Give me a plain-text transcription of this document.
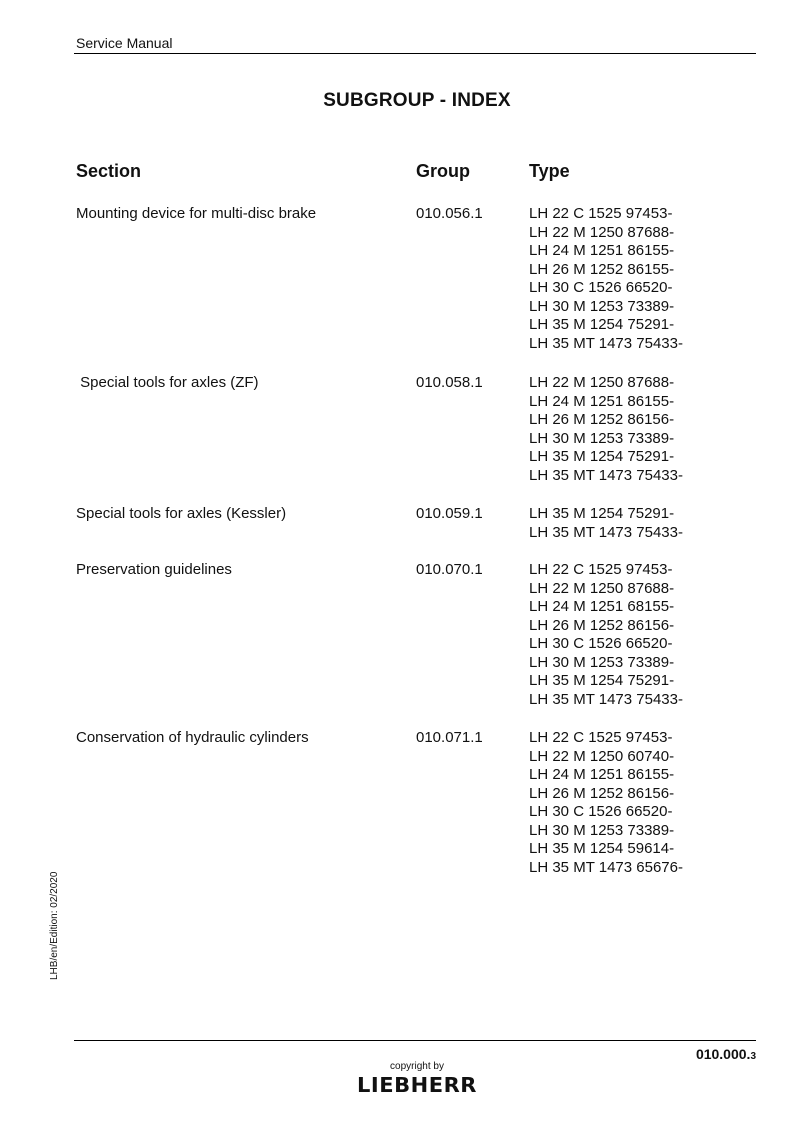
Service Manual
SUBGROUP - INDEX
Section	Group	Type
Mounting device for multi-disc brake	010.056.1	LH 22 C 1525 97453-
LH 22 M 1250 87688-
LH 24 M 1251 86155-
LH 26 M 1252 86155-
LH 30 C 1526 66520-
LH 30 M 1253 73389-
LH 35 M 1254 75291-
LH 35 MT 1473 75433-
Special tools for axles (ZF)	010.058.1	LH 22 M 1250 87688-
LH 24 M 1251 86155-
LH 26 M 1252 86156-
LH 30 M 1253 73389-
LH 35 M 1254 75291-
LH 35 MT 1473 75433-
Special tools for axles (Kessler)	010.059.1	LH 35 M 1254 75291-
LH 35 MT 1473 75433-
Preservation guidelines	010.070.1	LH 22 C 1525 97453-
LH 22 M 1250 87688-
LH 24 M 1251 68155-
LH 26 M 1252 86156-
LH 30 C 1526 66520-
LH 30 M 1253 73389-
LH 35 M 1254 75291-
LH 35 MT 1473 75433-
Conservation of hydraulic cylinders	010.071.1	LH 22 C 1525 97453-
LH 22 M 1250 60740-
LH 24 M 1251 86155-
LH 26 M 1252 86156-
LH 30 C 1526 66520-
LH 30 M 1253 73389-
LH 35 M 1254 59614-
LH 35 MT 1473 65676-
LHB/en/Edition: 02/2020
010.000.3
copyright by
LIEBHERR
